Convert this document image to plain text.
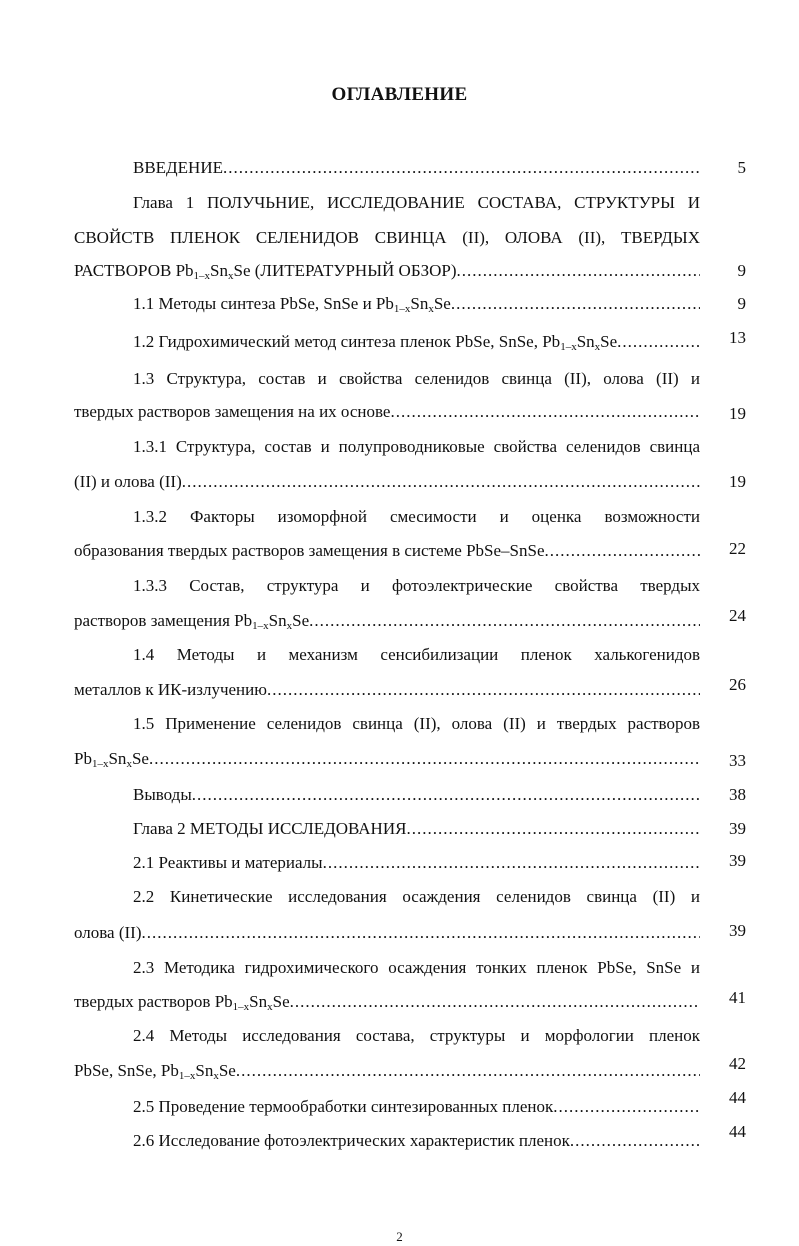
ОГЛАВЛЕНИЕ
ВВЕДЕНИЕ .....	5
Глава 1 ПОЛУЧЬНИЕ, ИССЛЕДОВАНИЕ СОСТАВА, СТРУКТУРЫ И
СВОЙСТВ ПЛЕНОК СЕЛЕНИДОВ СВИНЦА (II), ОЛОВА (II), ТВЕРДЫХ
РАСТВОРОВ $Pb_{1-x}Sn_xSe$ (ЛИТЕРАТУРНЫЙ ОБЗОР) .....	9
1.1 Методы синтеза PbSe, SnSe и $Pb_{1-x}Sn_xSe$ .....	9
1.2 Гидрохимический метод синтеза пленок PbSe, SnSe, $Pb_{1-x}Sn_xSe$ .....	13
1.3 Структура, состав и свойства селенидов свинца (II), олова (II) и
твердых растворов замещения на их основе .....	19
1.3.1 Структура, состав и полупроводниковые свойства селенидов свинца
(II) и олова (II) .....	19
1.3.2 Факторы изоморфной смесимости и оценка возможности
образования твердых растворов замещения в системе PbSe–SnSe .....	22
1.3.3 Состав, структура и фотоэлектрические свойства твердых
растворов замещения $Pb_{1-x}Sn_xSe$ .....	24
1.4 Методы и механизм сенсибилизации пленок халькогенидов
металлов к ИК-излучению .....	26
1.5 Применение селенидов свинца (II), олова (II) и твердых растворов
$Pb_{1-x}Sn_xSe$ .....	33
Выводы .....	38
Глава 2 МЕТОДЫ ИССЛЕДОВАНИЯ .....	39
2.1 Реактивы и материалы .....	39
2.2 Кинетические исследования осаждения селенидов свинца (II) и
олова (II) .....	39
2.3 Методика гидрохимического осаждения тонких пленок PbSe, SnSe и
твердых растворов $Pb_{1-x}Sn_xSe$ .....	41
2.4 Методы исследования состава, структуры и морфологии пленок
PbSe, SnSe, $Pb_{1-x}Sn_xSe$ .....	42
2.5 Проведение термообработки синтезированных пленок .....	44
2.6 Исследование фотоэлектрических характеристик пленок .....	44
2
